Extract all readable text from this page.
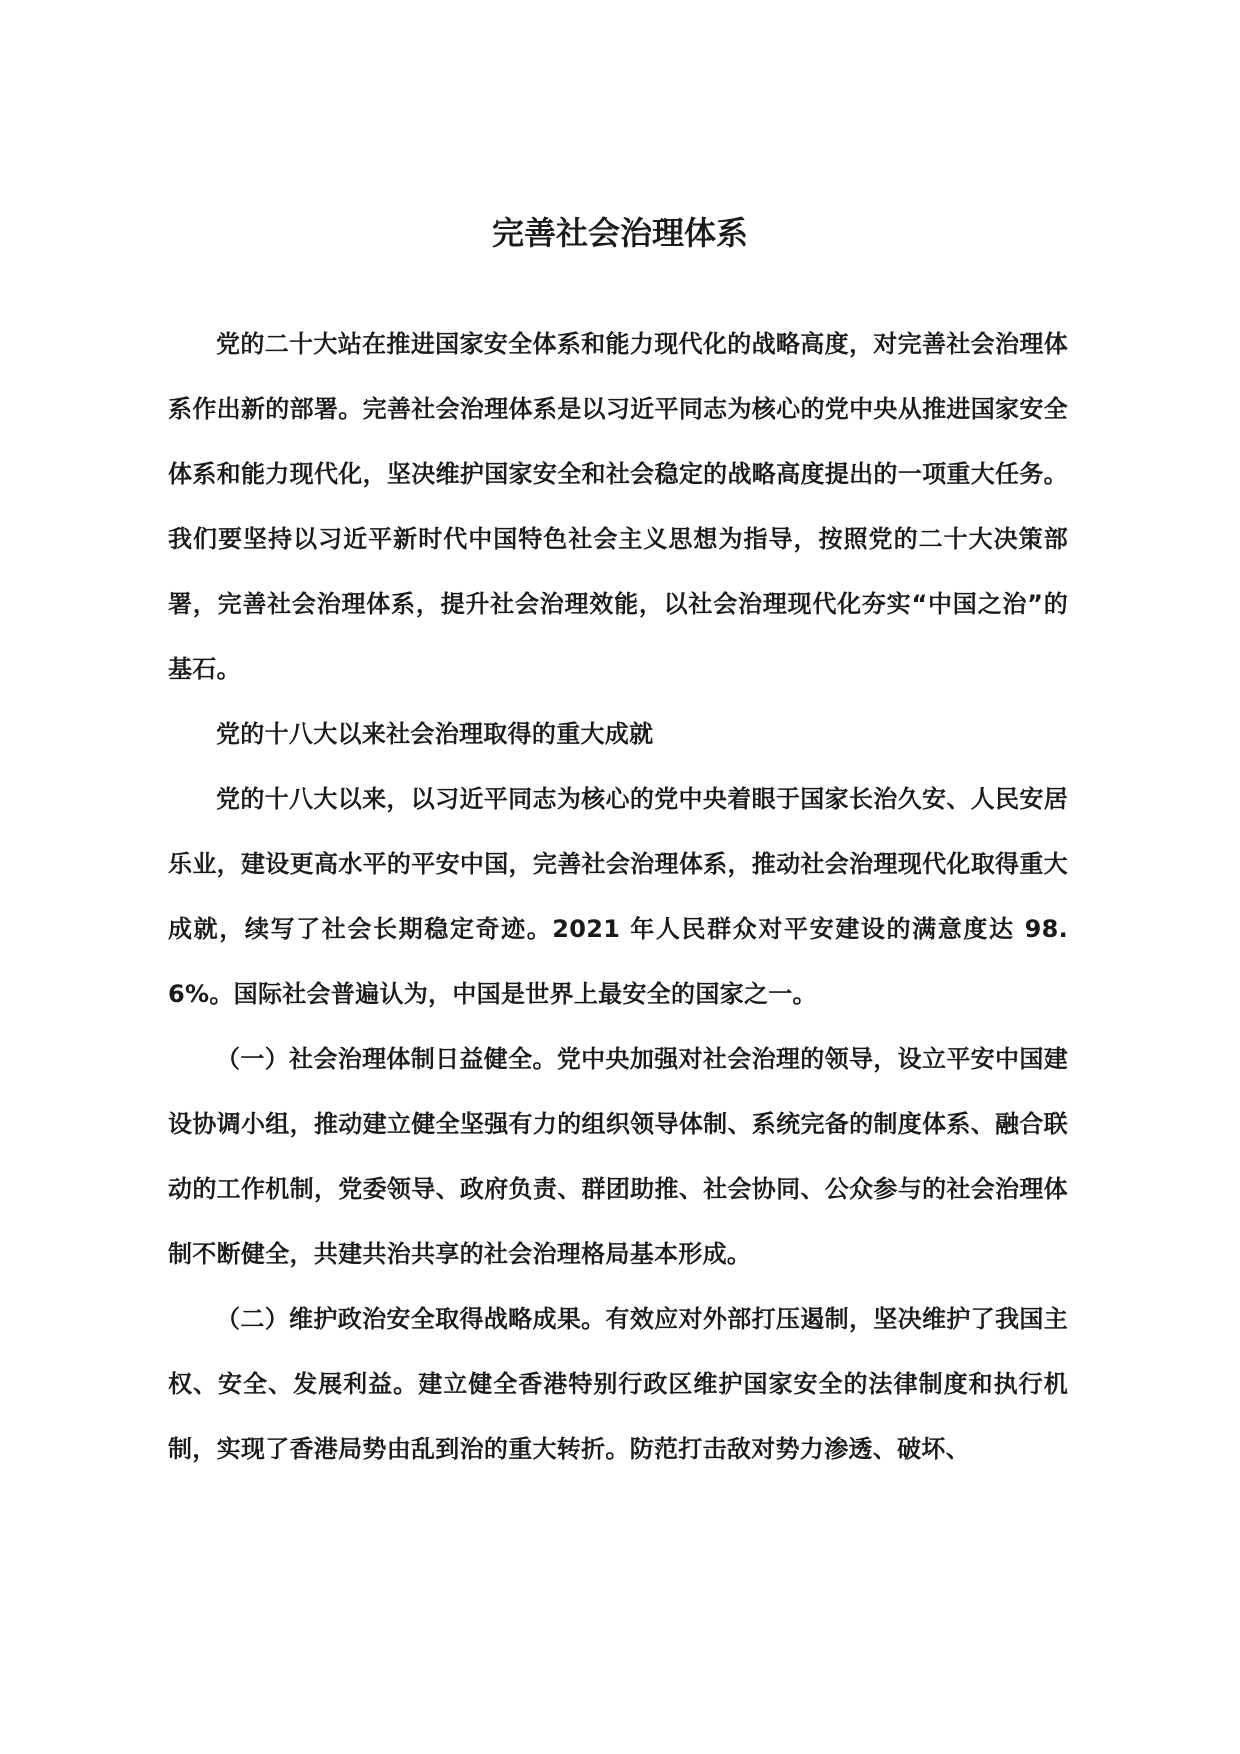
完善社会治理体系

党的二十大站在推进国家安全体系和能力现代化的战略高度，对完善社会治理体系作出新的部署。完善社会治理体系是以习近平同志为核心的党中央从推进国家安全体系和能力现代化，坚决维护国家安全和社会稳定的战略高度提出的一项重大任务。我们要坚持以习近平新时代中国特色社会主义思想为指导，按照党的二十大决策部署，完善社会治理体系，提升社会治理效能，以社会治理现代化夯实“中国之治”的基石。

党的十八大以来社会治理取得的重大成就

党的十八大以来，以习近平同志为核心的党中央着眼于国家长治久安、人民安居乐业，建设更高水平的平安中国，完善社会治理体系，推动社会治理现代化取得重大成就，续写了社会长期稳定奇迹。2021 年人民群众对平安建设的满意度达 98.6%。国际社会普遍认为，中国是世界上最安全的国家之一。

（一）社会治理体制日益健全。党中央加强对社会治理的领导，设立平安中国建设协调小组，推动建立健全坚强有力的组织领导体制、系统完备的制度体系、融合联动的工作机制，党委领导、政府负责、群团助推、社会协同、公众参与的社会治理体制不断健全，共建共治共享的社会治理格局基本形成。

（二）维护政治安全取得战略成果。有效应对外部打压遏制，坚决维护了我国主权、安全、发展利益。建立健全香港特别行政区维护国家安全的法律制度和执行机制，实现了香港局势由乱到治的重大转折。防范打击敌对势力渗透、破坏、
